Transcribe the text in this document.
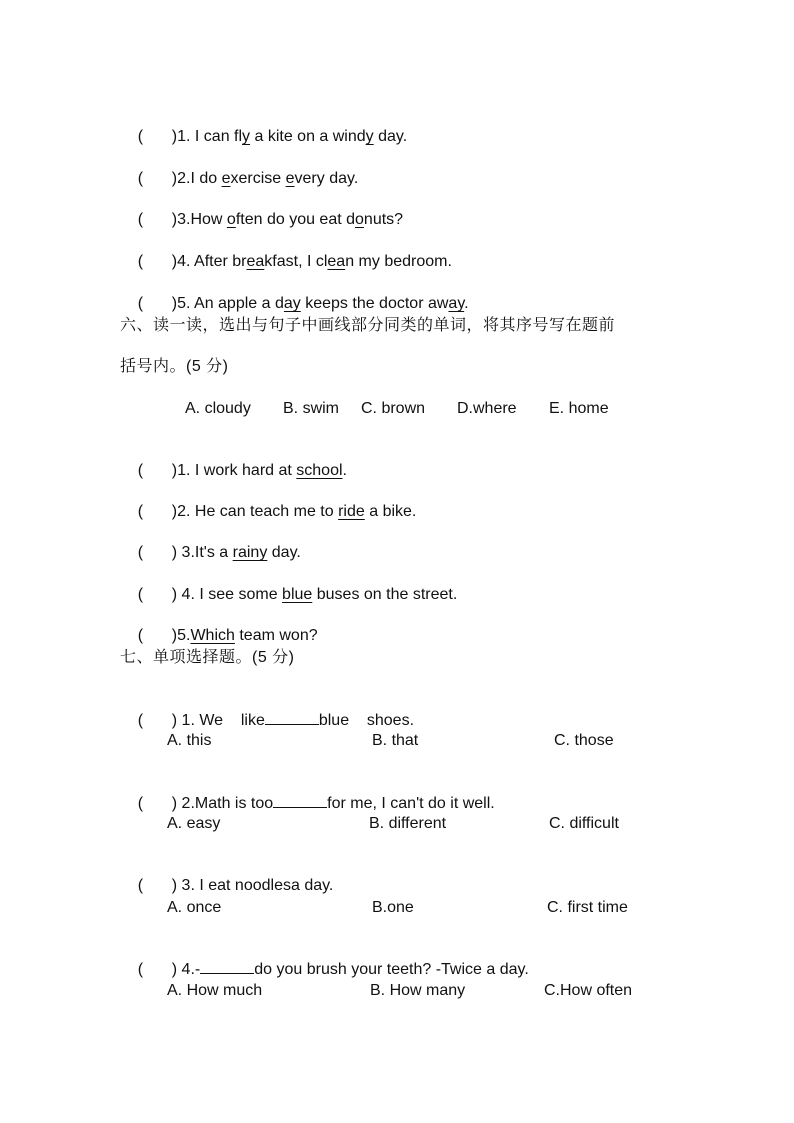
( )1. I can fly a kite on a windy day.

( )2.I do exercise every day.

( )3.How often do you eat donuts?

( )4. After breakfast, I clean my bedroom.

( )5. An apple a day keeps the doctor away.

六、读一读，选出与句子中画线部分同类的单词，将其序号写在题前
括号内。(5 分)
A. cloudy B. swim C. brown D.where E. home

( )1. I work hard at school.

( )2. He can teach me to ride a bike.

( ) 3.It's a rainy day.

( ) 4. I see some blue buses on the street.

( )5.Which team won?

七、单项选择题。(5 分)

( ) 1. We    like	blue    shoes.

A. this	B. that	C. those

( ) 2.Math is too	for me, I can't do it well.

A. easy	B. different	C. difficult

( ) 3. I eat noodlesa day.

A. once	B.one	C. first time

( ) 4.-	do you brush your teeth? -Twice a day.

A. How much	B. How many	C.How often
